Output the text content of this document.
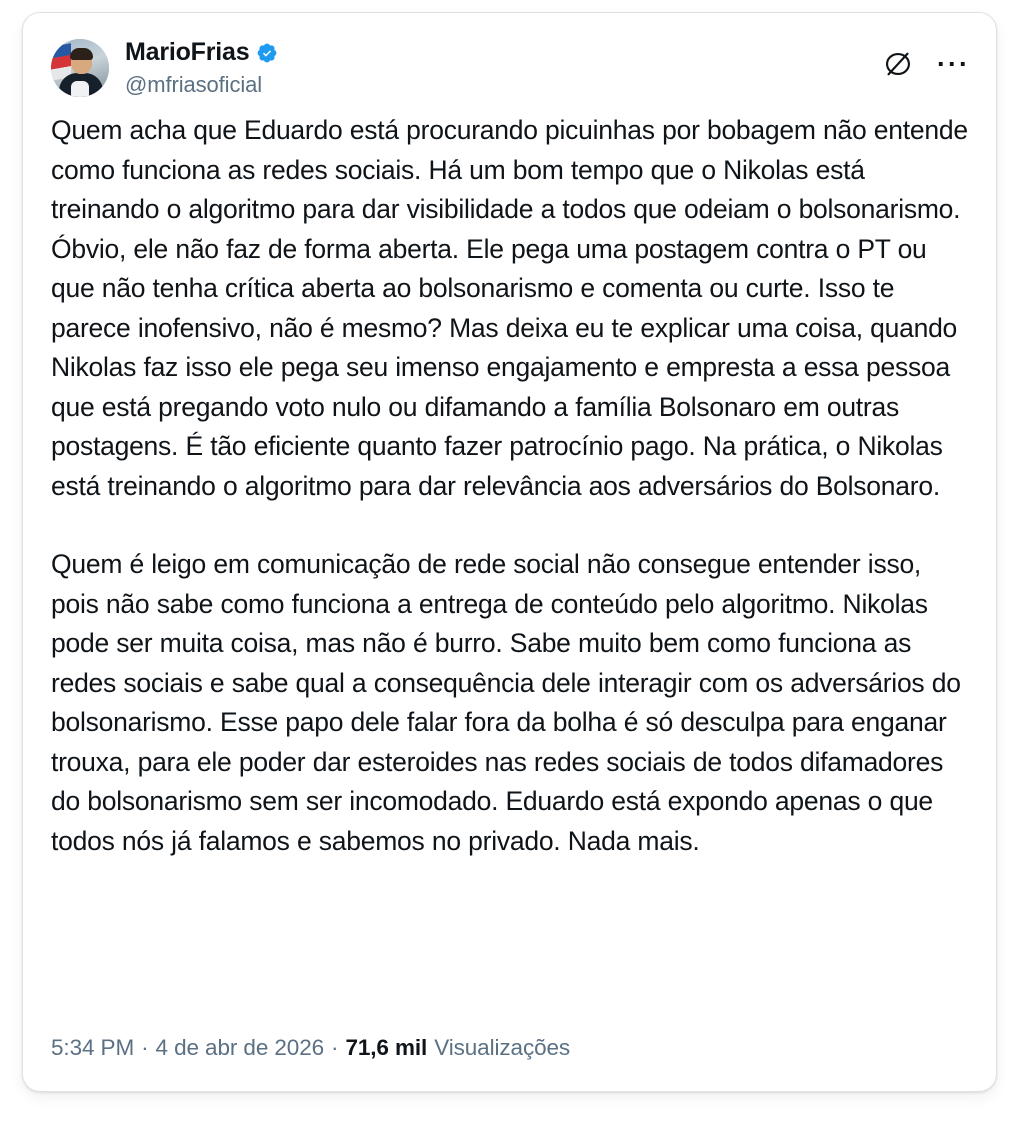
MarioFrias
@mfriasoficial
···

Quem acha que Eduardo está procurando picuinhas por bobagem não entende como funciona as redes sociais. Há um bom tempo que o Nikolas está treinando o algoritmo para dar visibilidade a todos que odeiam o bolsonarismo. Óbvio, ele não faz de forma aberta. Ele pega uma postagem contra o PT ou que não tenha crítica aberta ao bolsonarismo e comenta ou curte. Isso te parece inofensivo, não é mesmo? Mas deixa eu te explicar uma coisa, quando Nikolas faz isso ele pega seu imenso engajamento e empresta a essa pessoa que está pregando voto nulo ou difamando a família Bolsonaro em outras postagens. É tão eficiente quanto fazer patrocínio pago. Na prática, o Nikolas está treinando o algoritmo para dar relevância aos adversários do Bolsonaro.

Quem é leigo em comunicação de rede social não consegue entender isso, pois não sabe como funciona a entrega de conteúdo pelo algoritmo. Nikolas pode ser muita coisa, mas não é burro. Sabe muito bem como funciona as redes sociais e sabe qual a consequência dele interagir com os adversários do bolsonarismo. Esse papo dele falar fora da bolha é só desculpa para enganar trouxa, para ele poder dar esteroides nas redes sociais de todos difamadores do bolsonarismo sem ser incomodado. Eduardo está expondo apenas o que todos nós já falamos e sabemos no privado. Nada mais.

5:34 PM · 4 de abr de 2026 · 71,6 mil Visualizações
